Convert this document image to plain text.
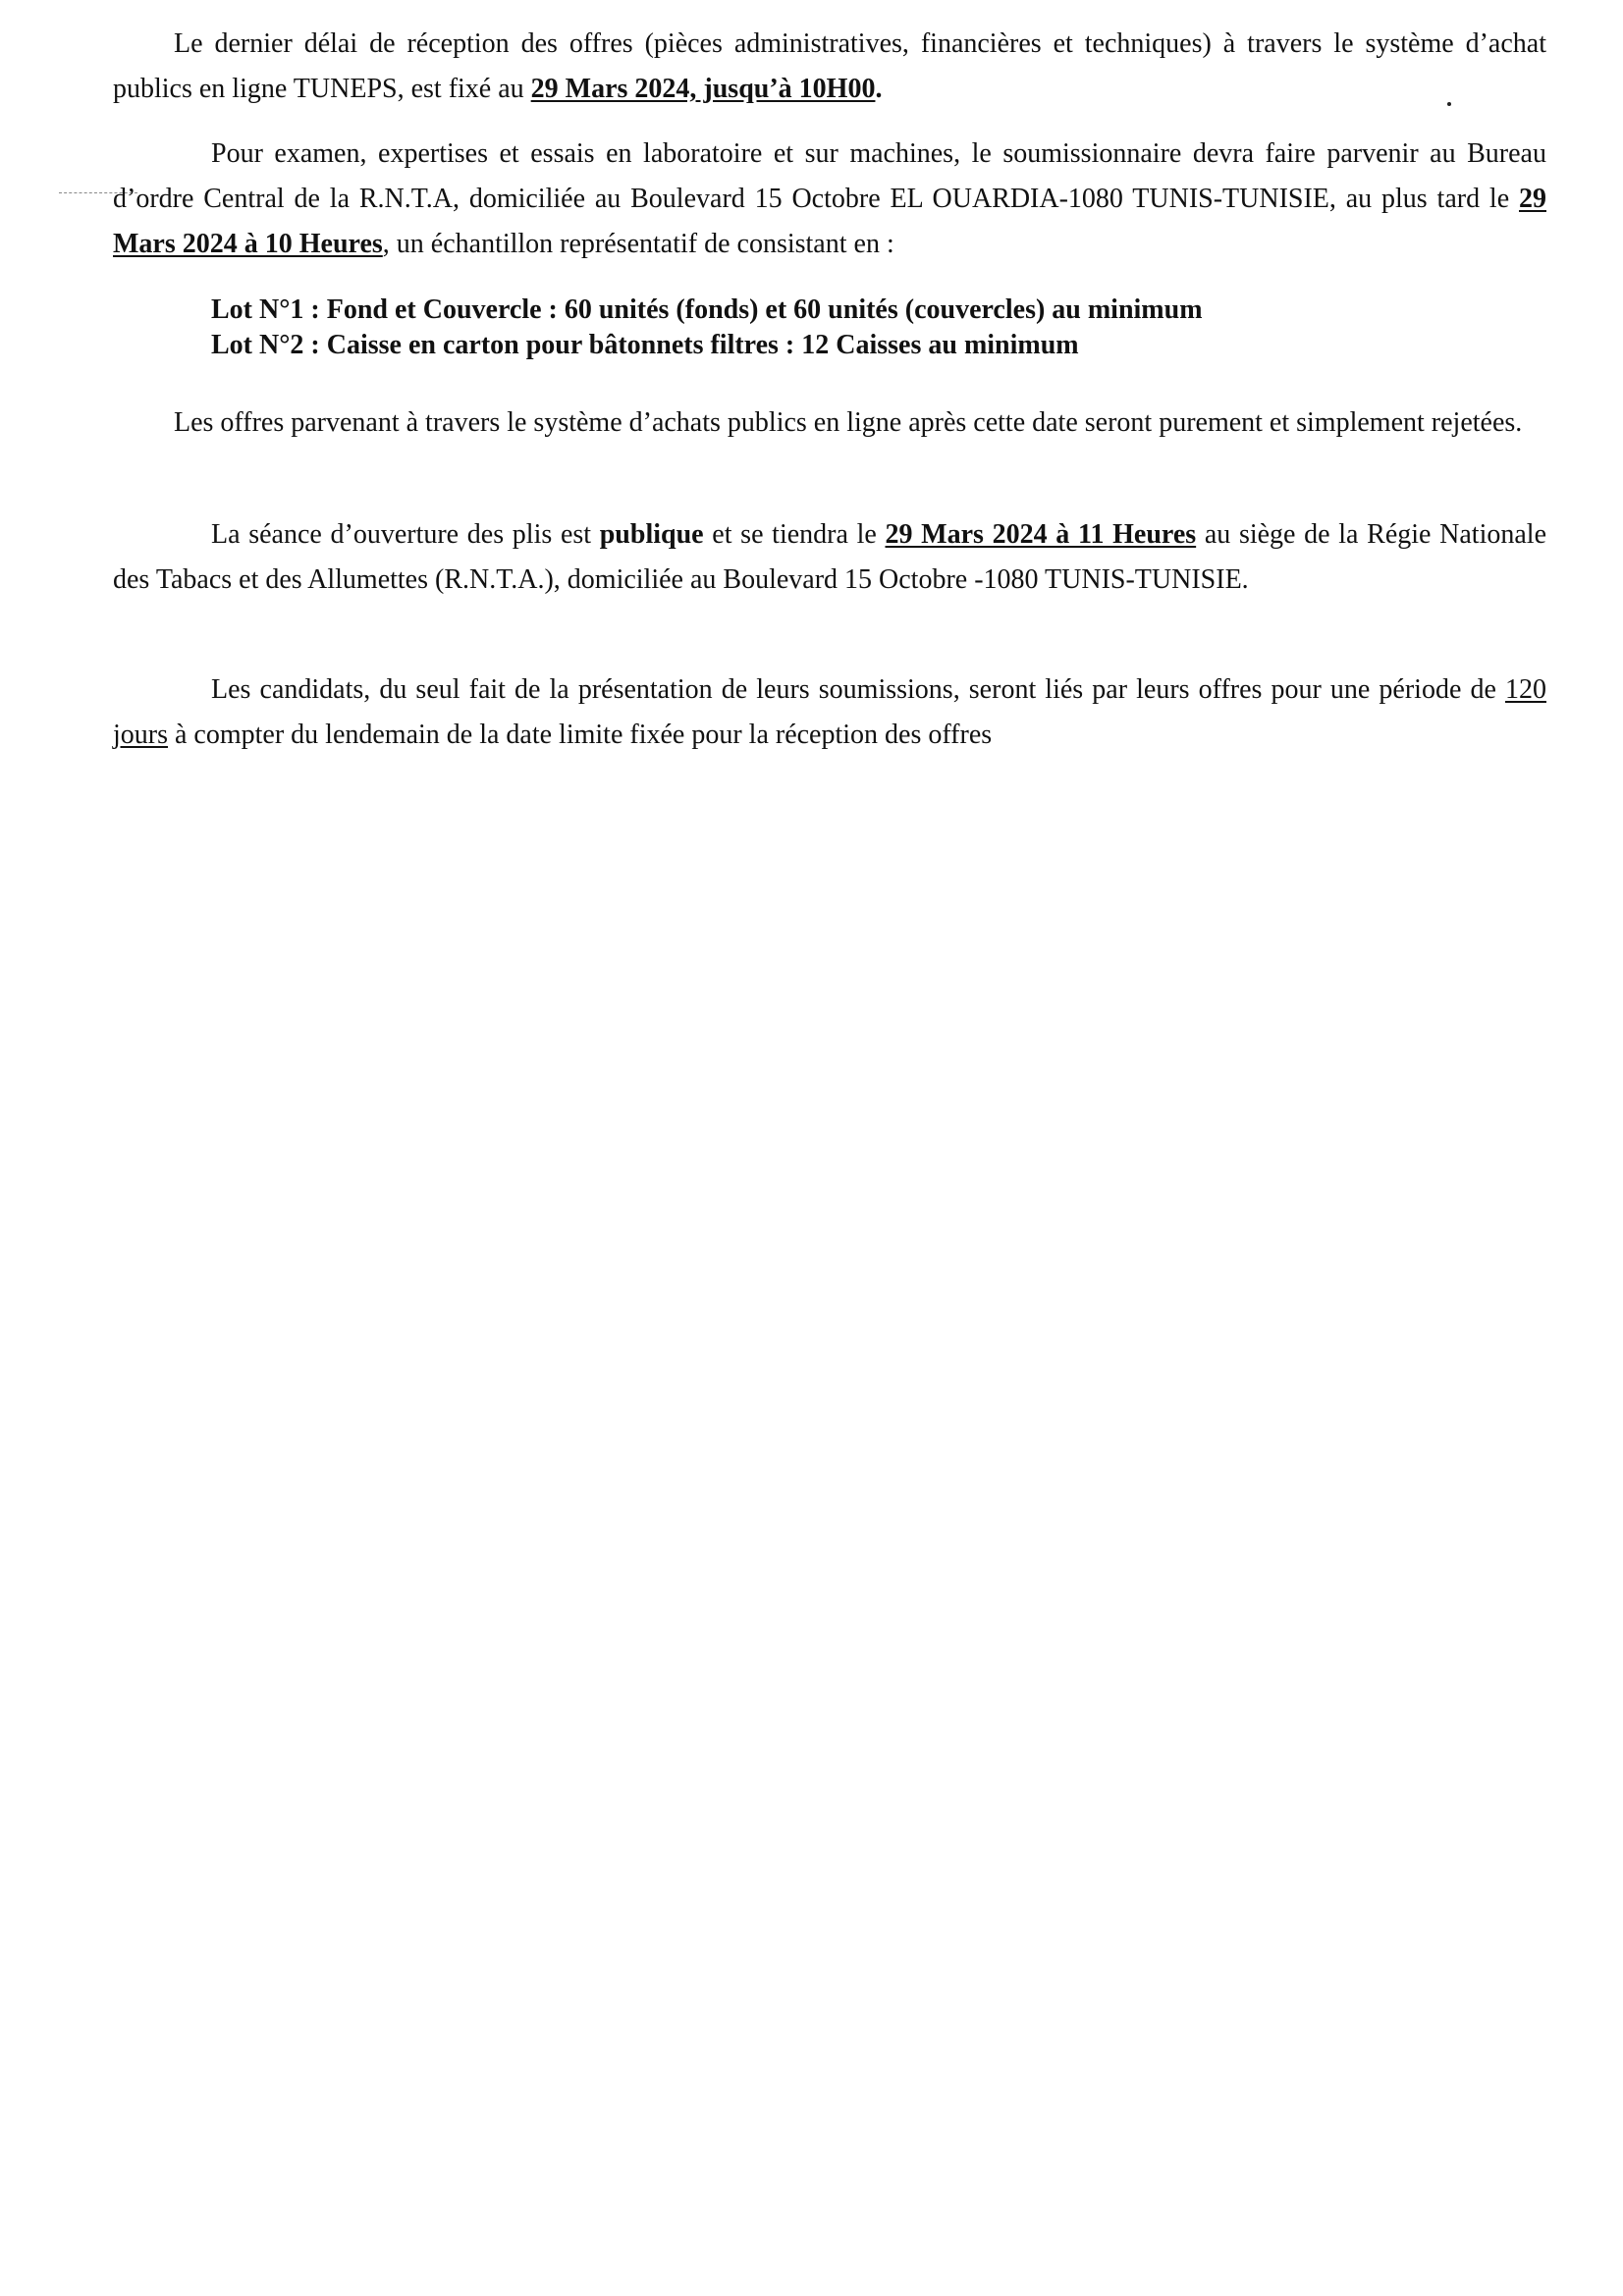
Le dernier délai de réception des offres (pièces administratives, financières et techniques) à travers le système d’achat publics en ligne TUNEPS, est fixé au 29 Mars 2024, jusqu’à 10H00.

Pour examen, expertises et essais en laboratoire et sur machines, le soumissionnaire devra faire parvenir au Bureau d’ordre Central de la R.N.T.A, domiciliée au Boulevard 15 Octobre EL OUARDIA-1080 TUNIS-TUNISIE, au plus tard le 29 Mars 2024 à 10 Heures, un échantillon représentatif de consistant en :

Lot N°1 : Fond et Couvercle : 60 unités (fonds) et 60 unités (couvercles) au minimum
Lot N°2 : Caisse en carton pour bâtonnets filtres : 12 Caisses au minimum

Les offres parvenant à travers le système d’achats publics en ligne après cette date seront purement et simplement rejetées.

La séance d’ouverture des plis est publique et se tiendra le 29 Mars 2024 à 11 Heures au siège de la Régie Nationale des Tabacs et des Allumettes (R.N.T.A.), domiciliée au Boulevard 15 Octobre -1080 TUNIS-TUNISIE.

Les candidats, du seul fait de la présentation de leurs soumissions, seront liés par leurs offres pour une période de 120 jours à compter du lendemain de la date limite fixée pour la réception des offres
